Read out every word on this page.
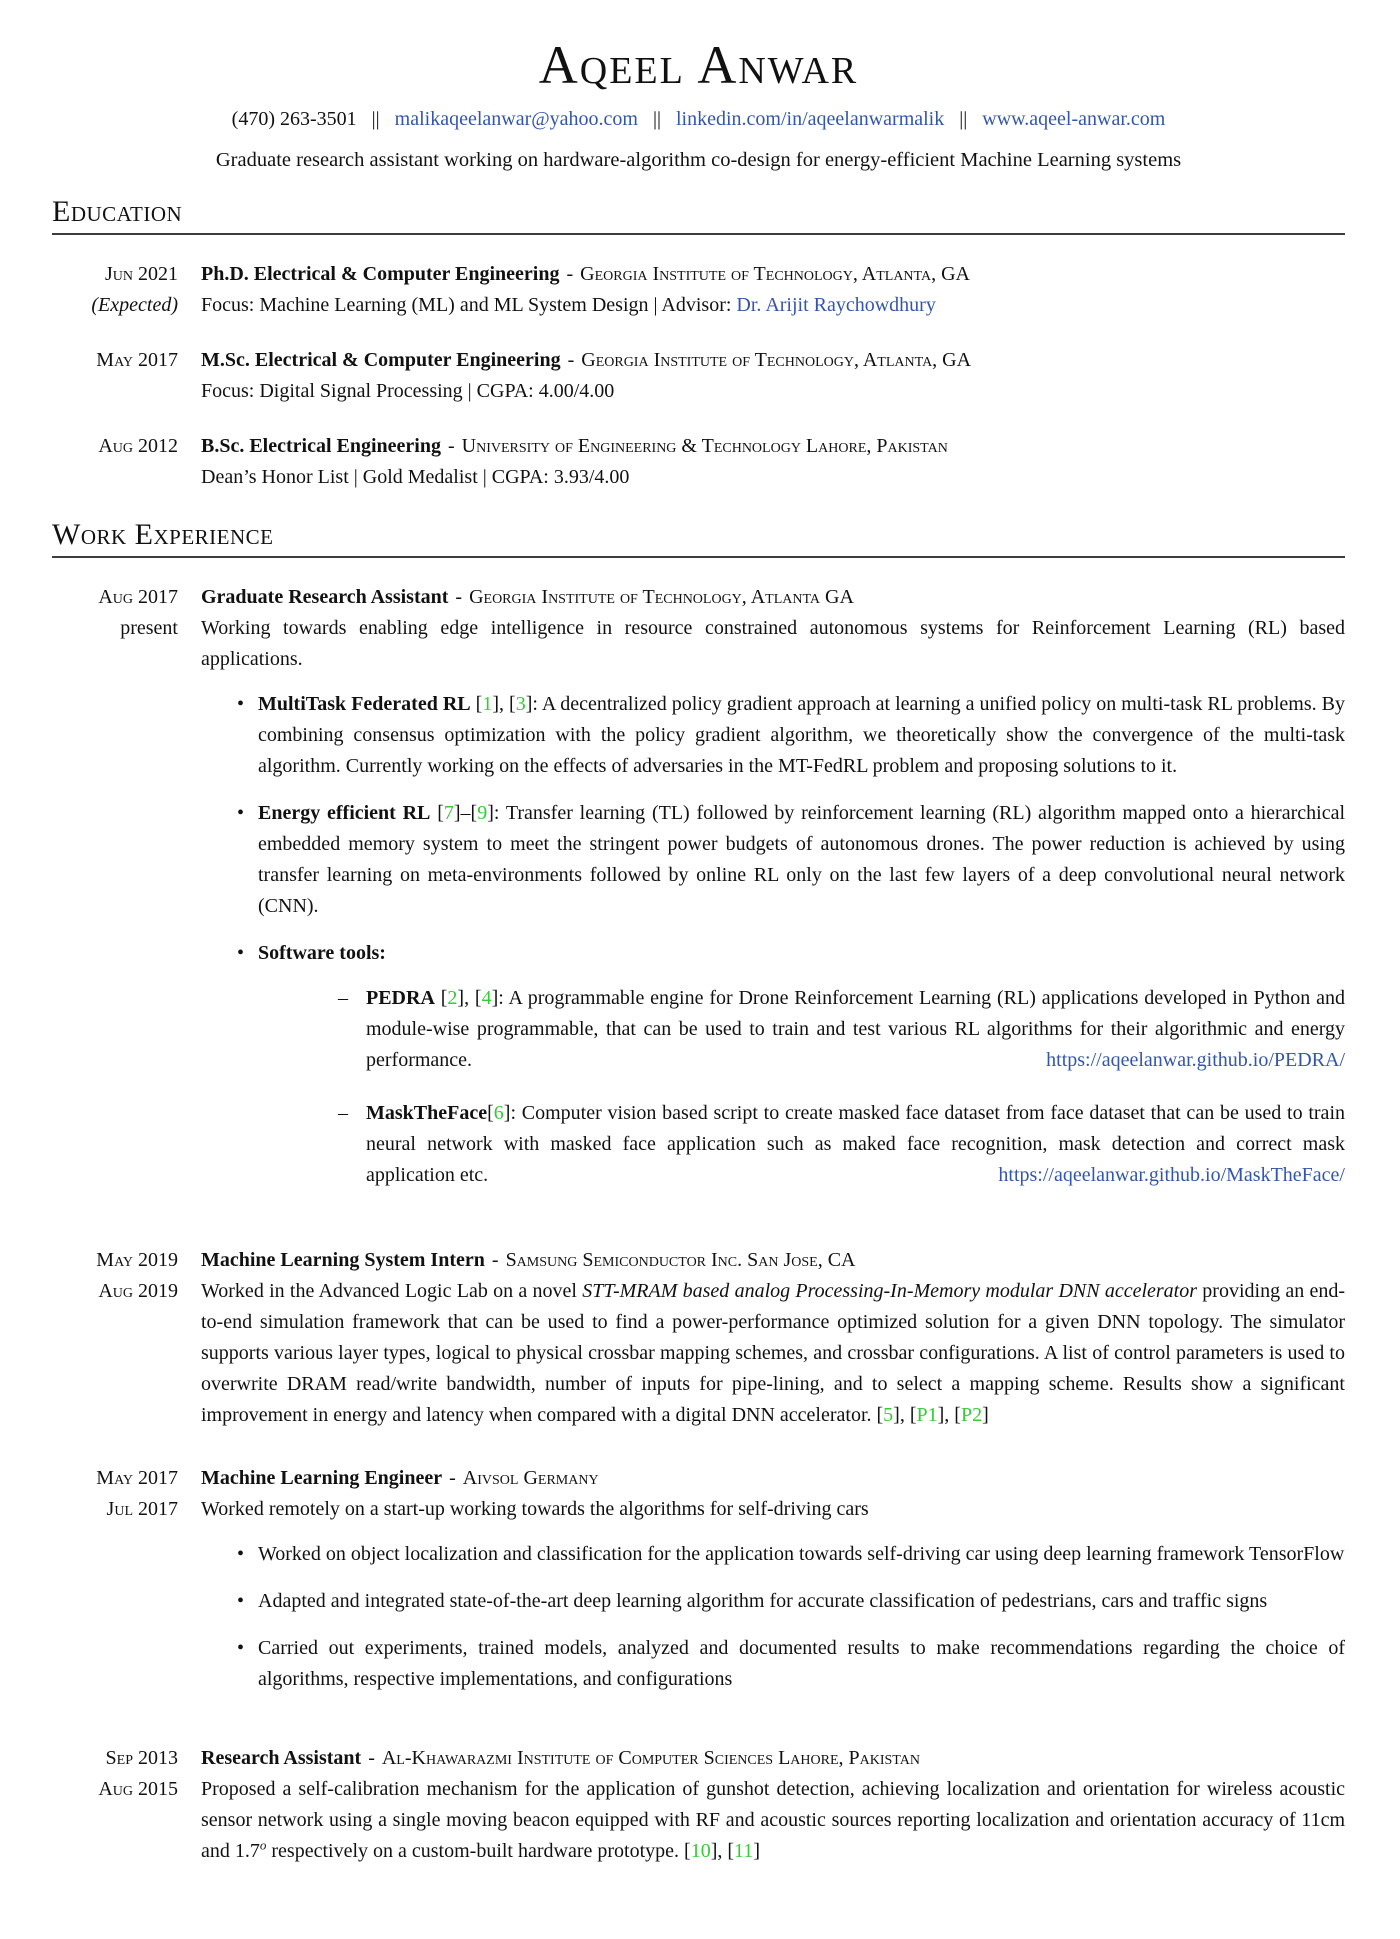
Aqeel Anwar
(470) 263-3501 || malikaqeelanwar@yahoo.com || linkedin.com/in/aqeelanwarmalik || www.aqeel-anwar.com
Graduate research assistant working on hardware-algorithm co-design for energy-efficient Machine Learning systems
Education
Jun 2021
(Expected)
Ph.D. Electrical & Computer Engineering - Georgia Institute of Technology, Atlanta, GA
Focus: Machine Learning (ML) and ML System Design | Advisor: Dr. Arijit Raychowdhury
May 2017 M.Sc. Electrical & Computer Engineering - Georgia Institute of Technology, Atlanta, GA
Focus: Digital Signal Processing | CGPA: 4.00/4.00
Aug 2012 B.Sc. Electrical Engineering - University of Engineering & Technology Lahore, Pakistan
Dean’s Honor List | Gold Medalist | CGPA: 3.93/4.00
Work Experience
Aug 2017
present
Graduate Research Assistant - Georgia Institute of Technology, Atlanta GA
Working towards enabling edge intelligence in resource constrained autonomous systems for Reinforcement Learning (RL) based applications.
• MultiTask Federated RL [1], [3]: A decentralized policy gradient approach at learning a unified policy on multi-task RL problems. By combining consensus optimization with the policy gradient algorithm, we theoretically show the convergence of the multi-task algorithm. Currently working on the effects of adversaries in the MT-FedRL problem and proposing solutions to it.
• Energy efficient RL [7]–[9]: Transfer learning (TL) followed by reinforcement learning (RL) algorithm mapped onto a hierarchical embedded memory system to meet the stringent power budgets of autonomous drones. The power reduction is achieved by using transfer learning on meta-environments followed by online RL only on the last few layers of a deep convolutional neural network (CNN).
• Software tools:
– PEDRA [2], [4]: A programmable engine for Drone Reinforcement Learning (RL) applications developed in Python and module-wise programmable, that can be used to train and test various RL algorithms for their algorithmic and energy performance.	https://aqeelanwar.github.io/PEDRA/
– MaskTheFace[6]: Computer vision based script to create masked face dataset from face dataset that can be used to train neural network with masked face application such as maked face recognition, mask detection and correct mask application etc.	https://aqeelanwar.github.io/MaskTheFace/
May 2019
Aug 2019
Machine Learning System Intern - Samsung Semiconductor Inc. San Jose, CA
Worked in the Advanced Logic Lab on a novel STT-MRAM based analog Processing-In-Memory modular DNN accelerator providing an end-to-end simulation framework that can be used to find a power-performance optimized solution for a given DNN topology. The simulator supports various layer types, logical to physical crossbar mapping schemes, and crossbar configurations. A list of control parameters is used to overwrite DRAM read/write bandwidth, number of inputs for pipe-lining, and to select a mapping scheme. Results show a significant improvement in energy and latency when compared with a digital DNN accelerator. [5], [P1], [P2]
May 2017
Jul 2017
Machine Learning Engineer - Aivsol Germany
Worked remotely on a start-up working towards the algorithms for self-driving cars
• Worked on object localization and classification for the application towards self-driving car using deep learning framework TensorFlow
• Adapted and integrated state-of-the-art deep learning algorithm for accurate classification of pedestrians, cars and traffic signs
• Carried out experiments, trained models, analyzed and documented results to make recommendations regarding the choice of algorithms, respective implementations, and configurations
Sep 2013
Aug 2015
Research Assistant - Al-Khawarazmi Institute of Computer Sciences Lahore, Pakistan
Proposed a self-calibration mechanism for the application of gunshot detection, achieving localization and orientation for wireless acoustic sensor network using a single moving beacon equipped with RF and acoustic sources reporting localization and orientation accuracy of 11cm and 1.7$^o$ respectively on a custom-built hardware prototype. [10], [11]
